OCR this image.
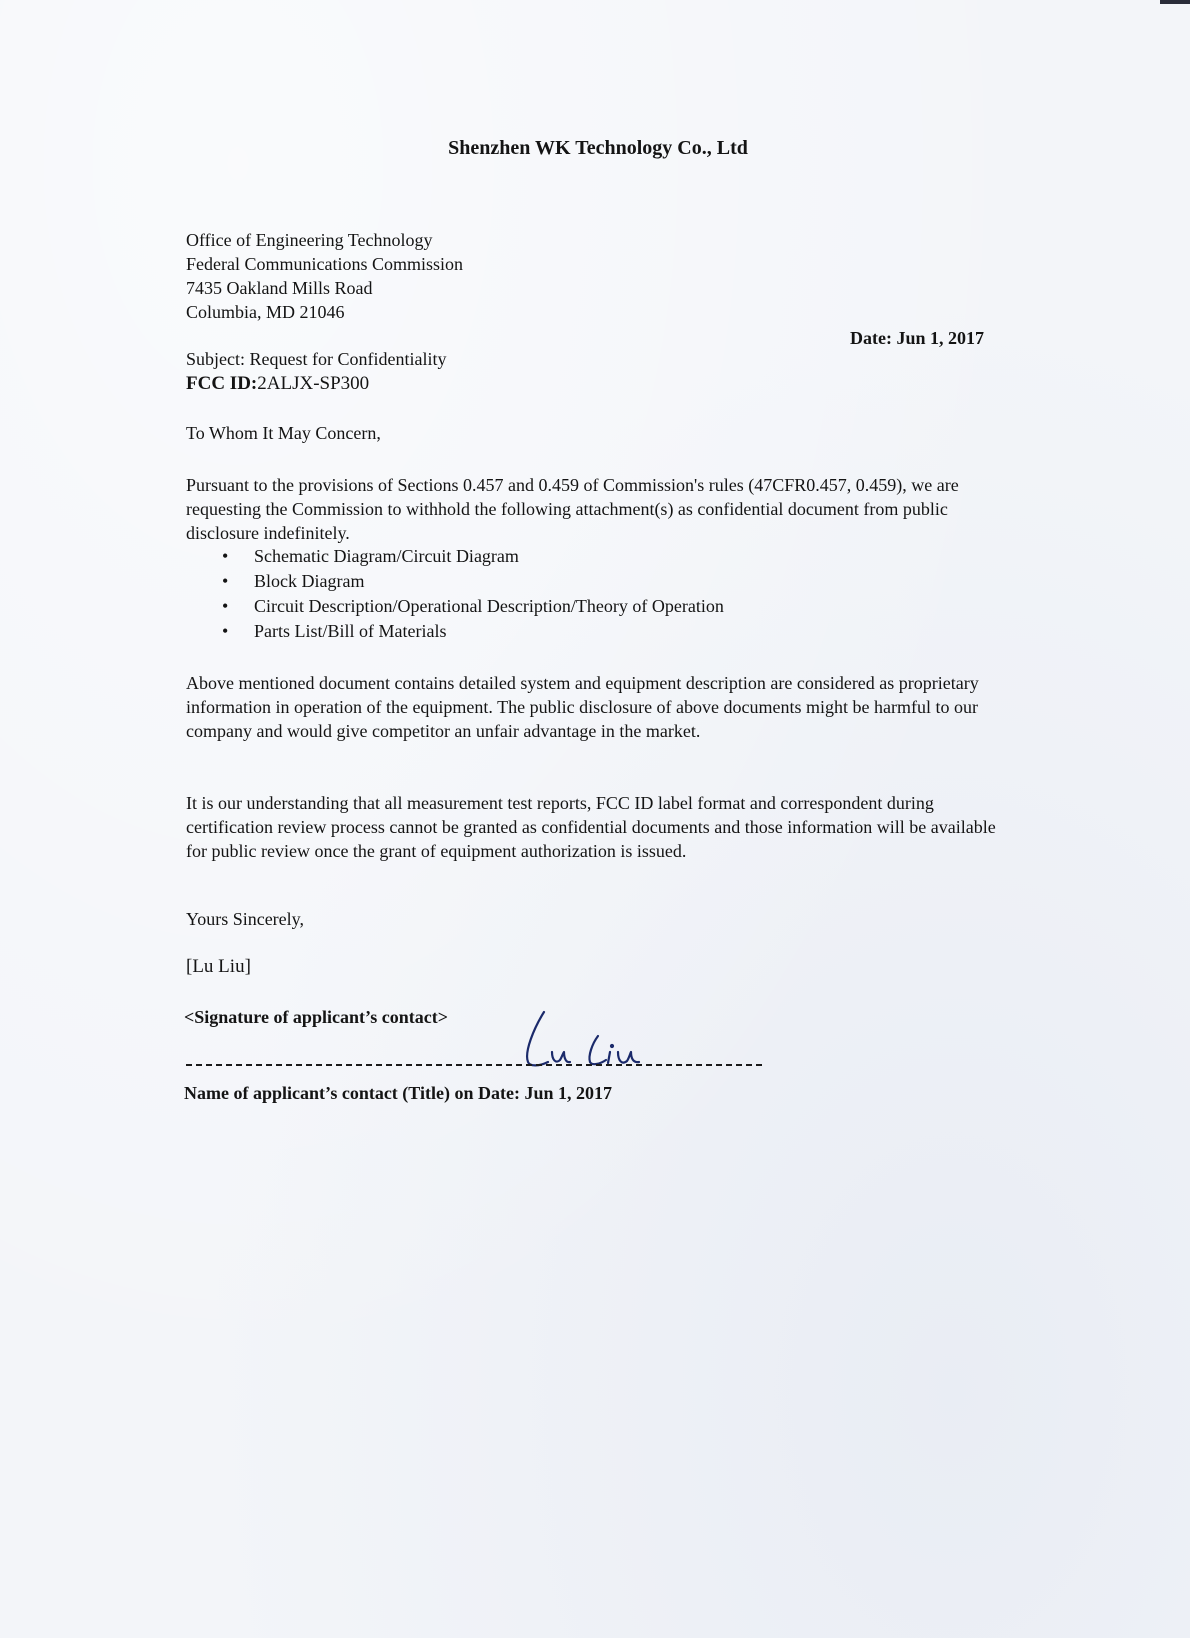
Shenzhen WK Technology Co., Ltd
Office of Engineering Technology
Federal Communications Commission
7435 Oakland Mills Road
Columbia, MD 21046
Date: Jun 1, 2017
Subject: Request for Confidentiality
FCC ID:2ALJX-SP300
To Whom It May Concern,
Pursuant to the provisions of Sections 0.457 and 0.459 of Commission's rules (47CFR0.457, 0.459), we are requesting the Commission to withhold the following attachment(s) as confidential document from public disclosure indefinitely.
• Schematic Diagram/Circuit Diagram
• Block Diagram
• Circuit Description/Operational Description/Theory of Operation
• Parts List/Bill of Materials
Above mentioned document contains detailed system and equipment description are considered as proprietary information in operation of the equipment. The public disclosure of above documents might be harmful to our company and would give competitor an unfair advantage in the market.
It is our understanding that all measurement test reports, FCC ID label format and correspondent during certification review process cannot be granted as confidential documents and those information will be available for public review once the grant of equipment authorization is issued.
Yours Sincerely,
[Lu Liu]
<Signature of applicant’s contact>
Name of applicant’s contact (Title) on Date: Jun 1, 2017
